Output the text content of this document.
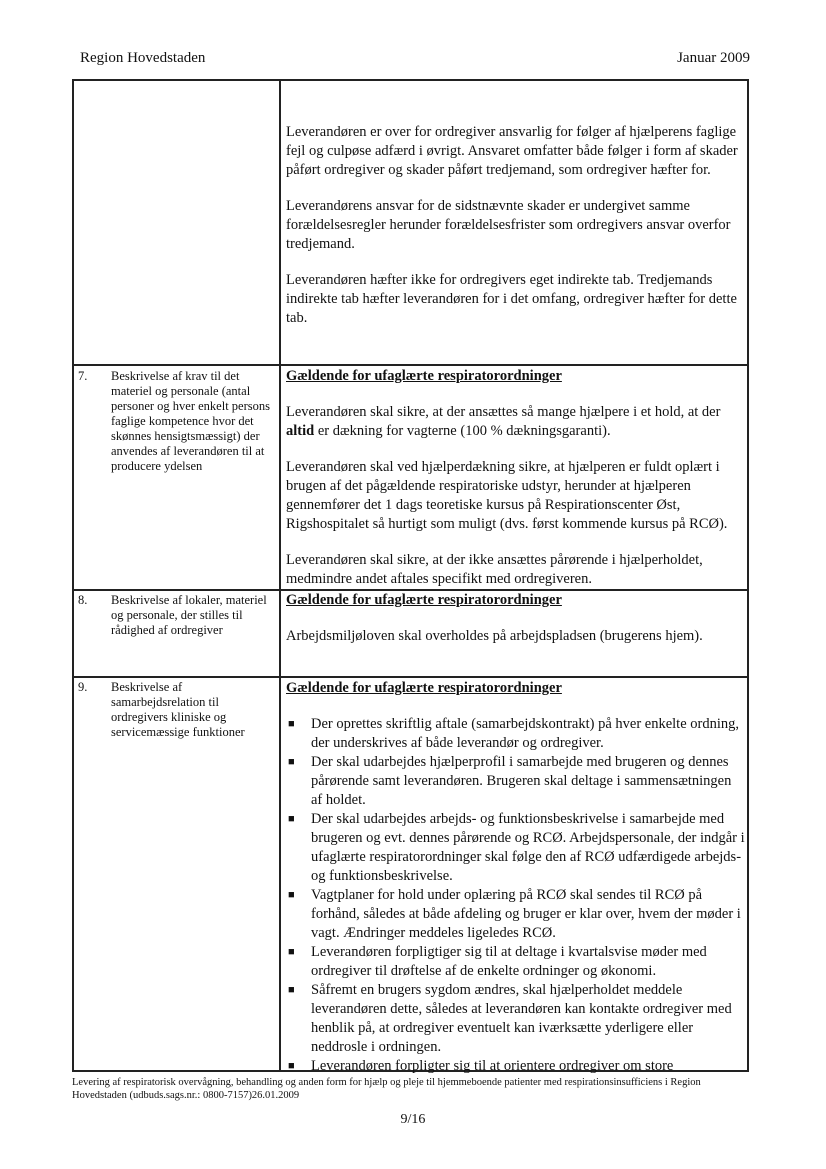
Region Hovedstaden	Januar 2009

Leverandøren er over for ordregiver ansvarlig for følger af hjælperens faglige fejl og culpøse adfærd i øvrigt. Ansvaret omfatter både følger i form af skader påført ordregiver og skader påført tredjemand, som ordregiver hæfter for.

Leverandørens ansvar for de sidstnævnte skader er undergivet samme forældelsesregler herunder forældelsesfrister som ordregivers ansvar overfor tredjemand.

Leverandøren hæfter ikke for ordregivers eget indirekte tab. Tredjemands indirekte tab hæfter leverandøren for i det omfang, ordregiver hæfter for dette tab.

7. Beskrivelse af krav til det materiel og personale (antal personer og hver enkelt persons faglige kompetence hvor det skønnes hensigtsmæssigt) der anvendes af leverandøren til at producere ydelsen

Gældende for ufaglærte respiratorordninger

Leverandøren skal sikre, at der ansættes så mange hjælpere i et hold, at der altid er dækning for vagterne (100 % dækningsgaranti).

Leverandøren skal ved hjælperdækning sikre, at hjælperen er fuldt oplært i brugen af det pågældende respiratoriske udstyr, herunder at hjælperen gennemfører det 1 dags teoretiske kursus på Respirationscenter Øst, Rigshospitalet så hurtigt som muligt (dvs. først kommende kursus på RCØ).

Leverandøren skal sikre, at der ikke ansættes pårørende i hjælperholdet, medmindre andet aftales specifikt med ordregiveren.

8. Beskrivelse af lokaler, materiel og personale, der stilles til rådighed af ordregiver

Gældende for ufaglærte respiratorordninger

Arbejdsmiljøloven skal overholdes på arbejdspladsen (brugerens hjem).

9. Beskrivelse af samarbejdsrelation til ordregivers kliniske og servicemæssige funktioner

Gældende for ufaglærte respiratorordninger

■ Der oprettes skriftlig aftale (samarbejdskontrakt) på hver enkelte ordning, der underskrives af både leverandør og ordregiver.
■ Der skal udarbejdes hjælperprofil i samarbejde med brugeren og dennes pårørende samt leverandøren. Brugeren skal deltage i sammensætningen af holdet.
■ Der skal udarbejdes arbejds- og funktionsbeskrivelse i samarbejde med brugeren og evt. dennes pårørende og RCØ. Arbejdspersonale, der indgår i ufaglærte respiratorordninger skal følge den af RCØ udfærdigede arbejds- og funktionsbeskrivelse.
■ Vagtplaner for hold under oplæring på RCØ skal sendes til RCØ på forhånd, således at både afdeling og bruger er klar over, hvem der møder i vagt. Ændringer meddeles ligeledes RCØ.
■ Leverandøren forpligtiger sig til at deltage i kvartalsvise møder med ordregiver til drøftelse af de enkelte ordninger og økonomi.
■ Såfremt en brugers sygdom ændres, skal hjælperholdet meddele leverandøren dette, således at leverandøren kan kontakte ordregiver med henblik på, at ordregiver eventuelt kan iværksætte yderligere eller neddrosle i ordningen.
■ Leverandøren forpligter sig til at orientere ordregiver om store
Levering af respiratorisk overvågning, behandling og anden form for hjælp og pleje til hjemmeboende patienter med respirationsinsufficiens i Region Hovedstaden (udbuds.sags.nr.: 0800-7157)26.01.2009
9/16
